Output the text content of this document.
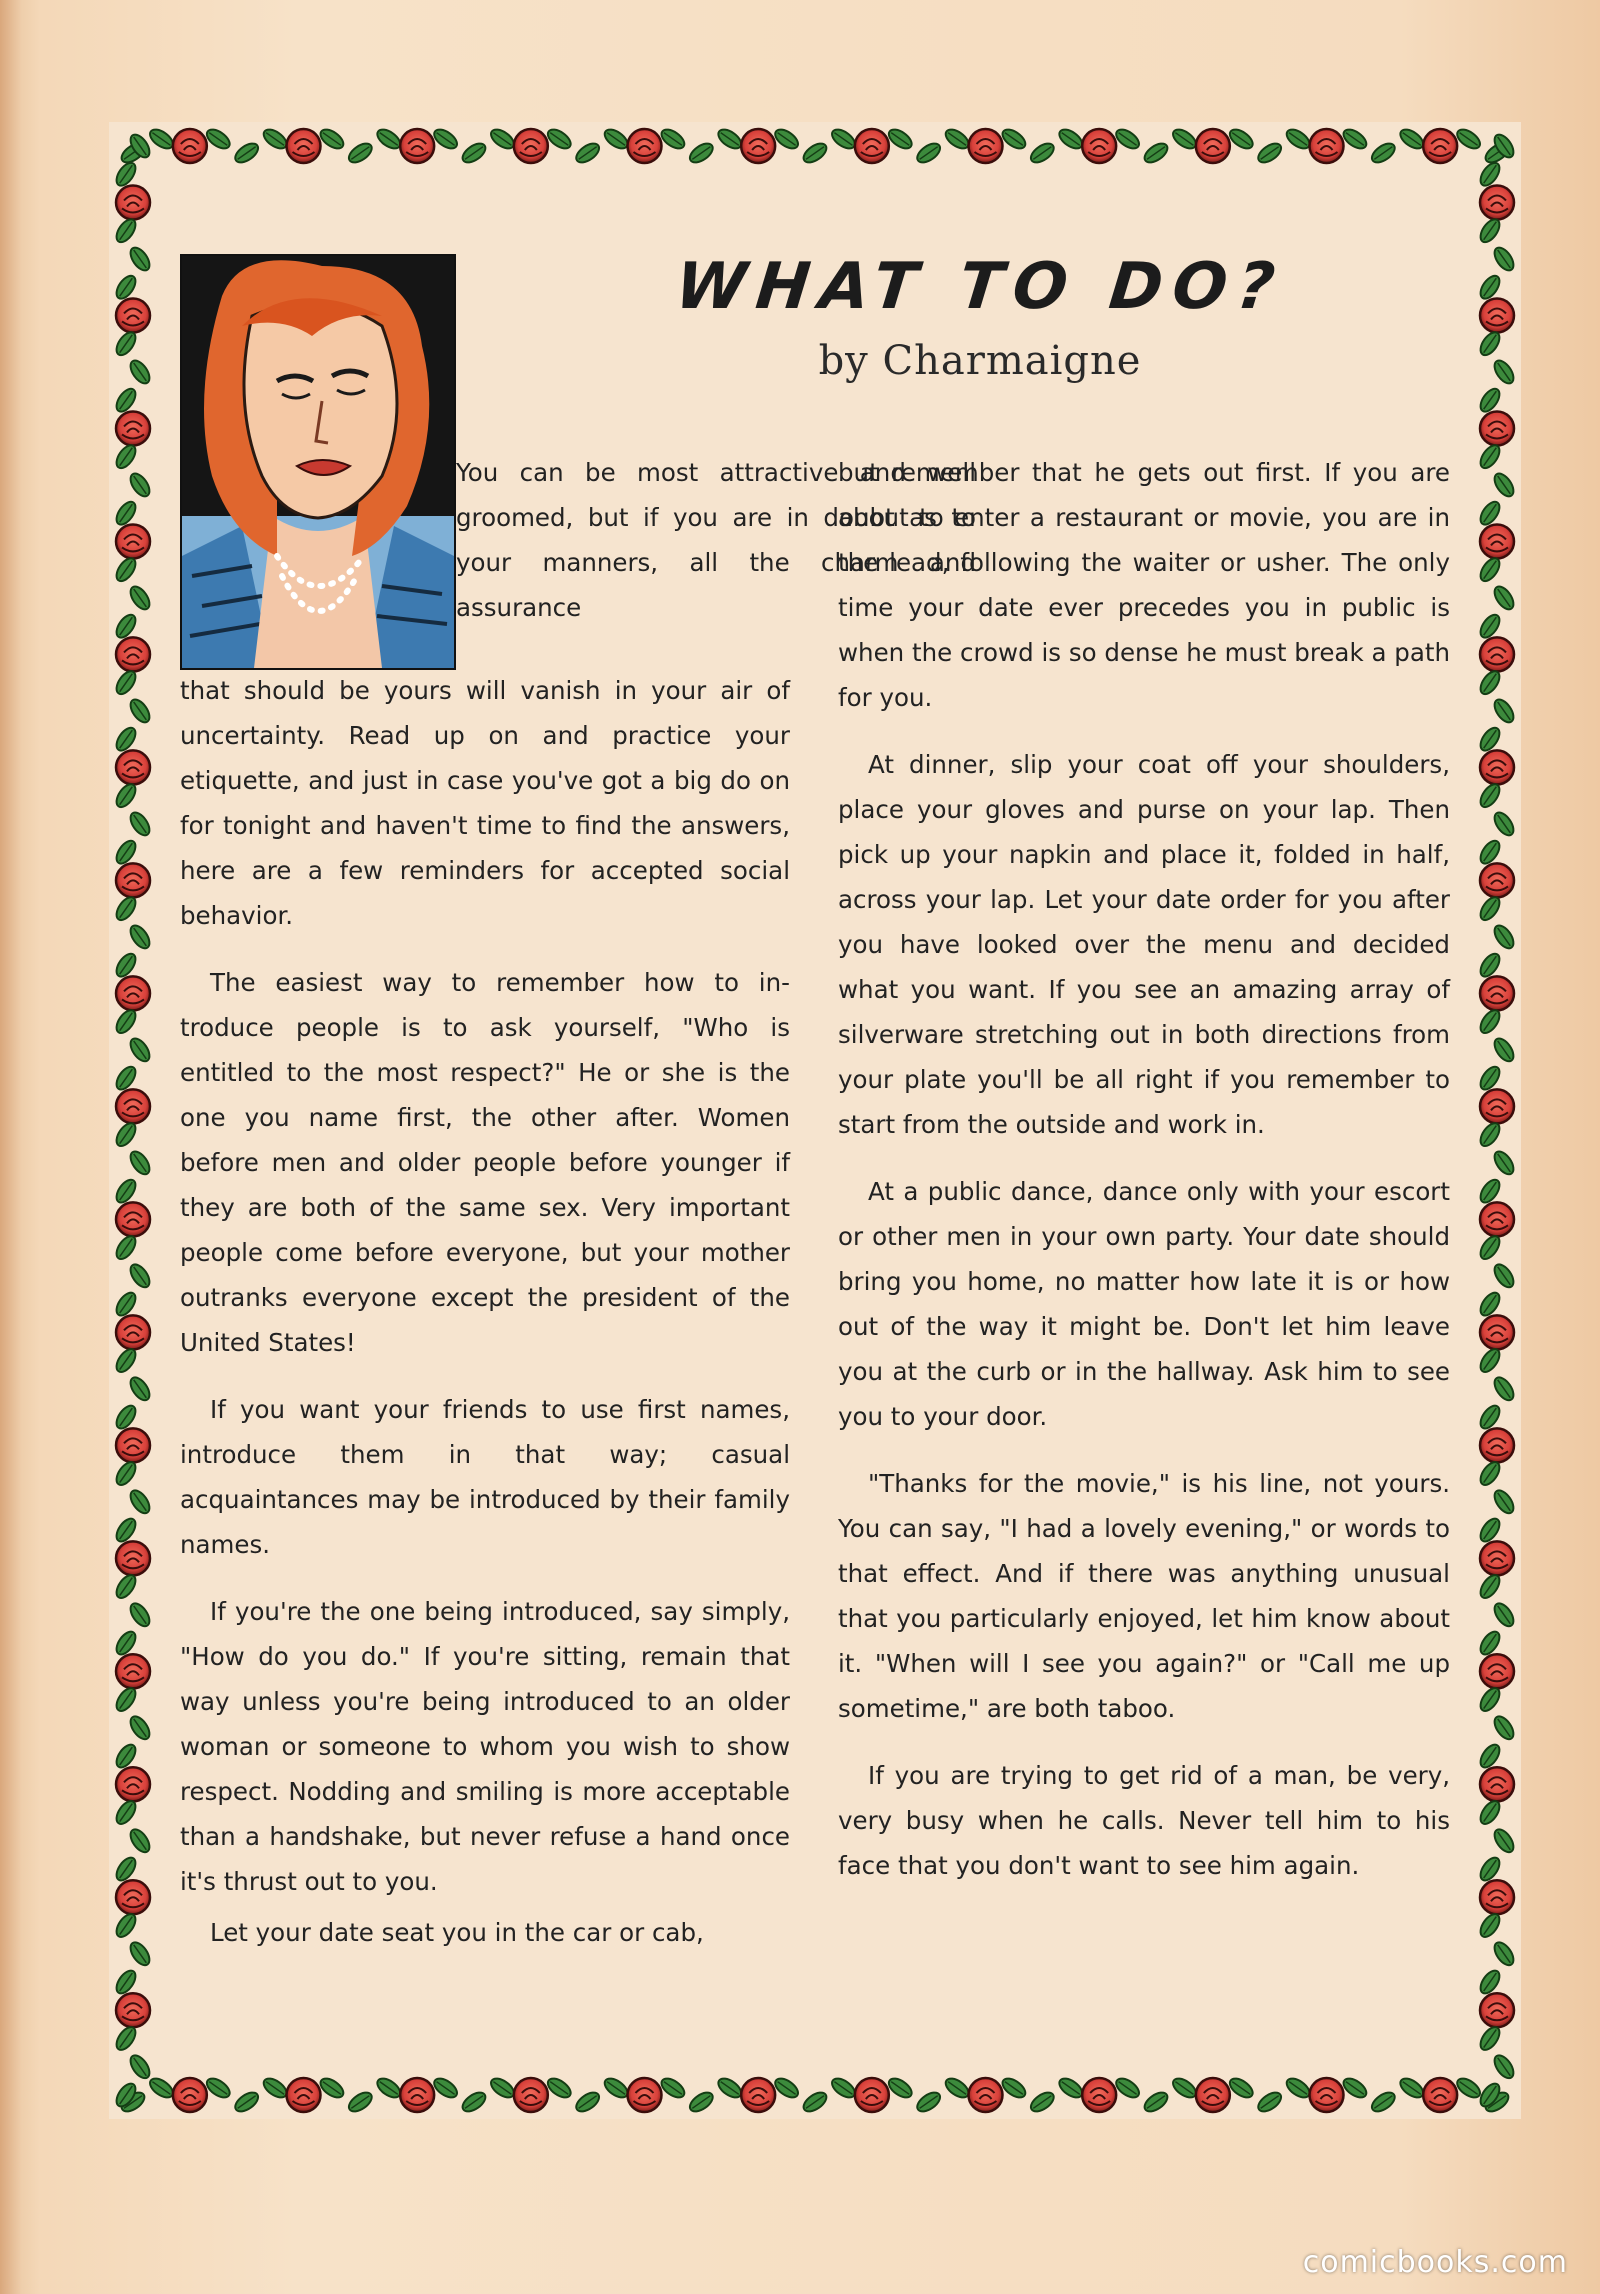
WHAT TO DO?
by Charmaigne

You can be most attractive and well groomed, but if you are in doubt as to your manners, all the charm and assurance

that should be yours will vanish in your air of uncertainty. Read up on and practice your etiquette, and just in case you've got a big do on for tonight and haven't time to find the answers, here are a few reminders for accepted social behavior.

The easiest way to remember how to introduce people is to ask yourself, "Who is entitled to the most respect?" He or she is the one you name first, the other after. Women before men and older people before younger if they are both of the same sex. Very important people come before everyone, but your mother outranks everyone except the president of the United States!

If you want your friends to use first names, introduce them in that way; casual acquaintances may be introduced by their family names.

If you're the one being introduced, say simply, "How do you do." If you're sitting, remain that way unless you're being introduced to an older woman or someone to whom you wish to show respect. Nodding and smiling is more acceptable than a handshake, but never refuse a hand once it's thrust out to you.

Let your date seat you in the car or cab,

but remember that he gets out first. If you are about to enter a restaurant or movie, you are in the lead, following the waiter or usher. The only time your date ever precedes you in public is when the crowd is so dense he must break a path for you.

At dinner, slip your coat off your shoulders, place your gloves and purse on your lap. Then pick up your napkin and place it, folded in half, across your lap. Let your date order for you after you have looked over the menu and decided what you want. If you see an amazing array of silverware stretching out in both directions from your plate you'll be all right if you remember to start from the outside and work in.

At a public dance, dance only with your escort or other men in your own party. Your date should bring you home, no matter how late it is or how out of the way it might be. Don't let him leave you at the curb or in the hallway. Ask him to see you to your door.

"Thanks for the movie," is his line, not yours. You can say, "I had a lovely evening," or words to that effect. And if there was anything unusual that you particularly enjoyed, let him know about it. "When will I see you again?" or "Call me up sometime," are both taboo.

If you are trying to get rid of a man, be very, very busy when he calls. Never tell him to his face that you don't want to see him again.

comicbooks.com
